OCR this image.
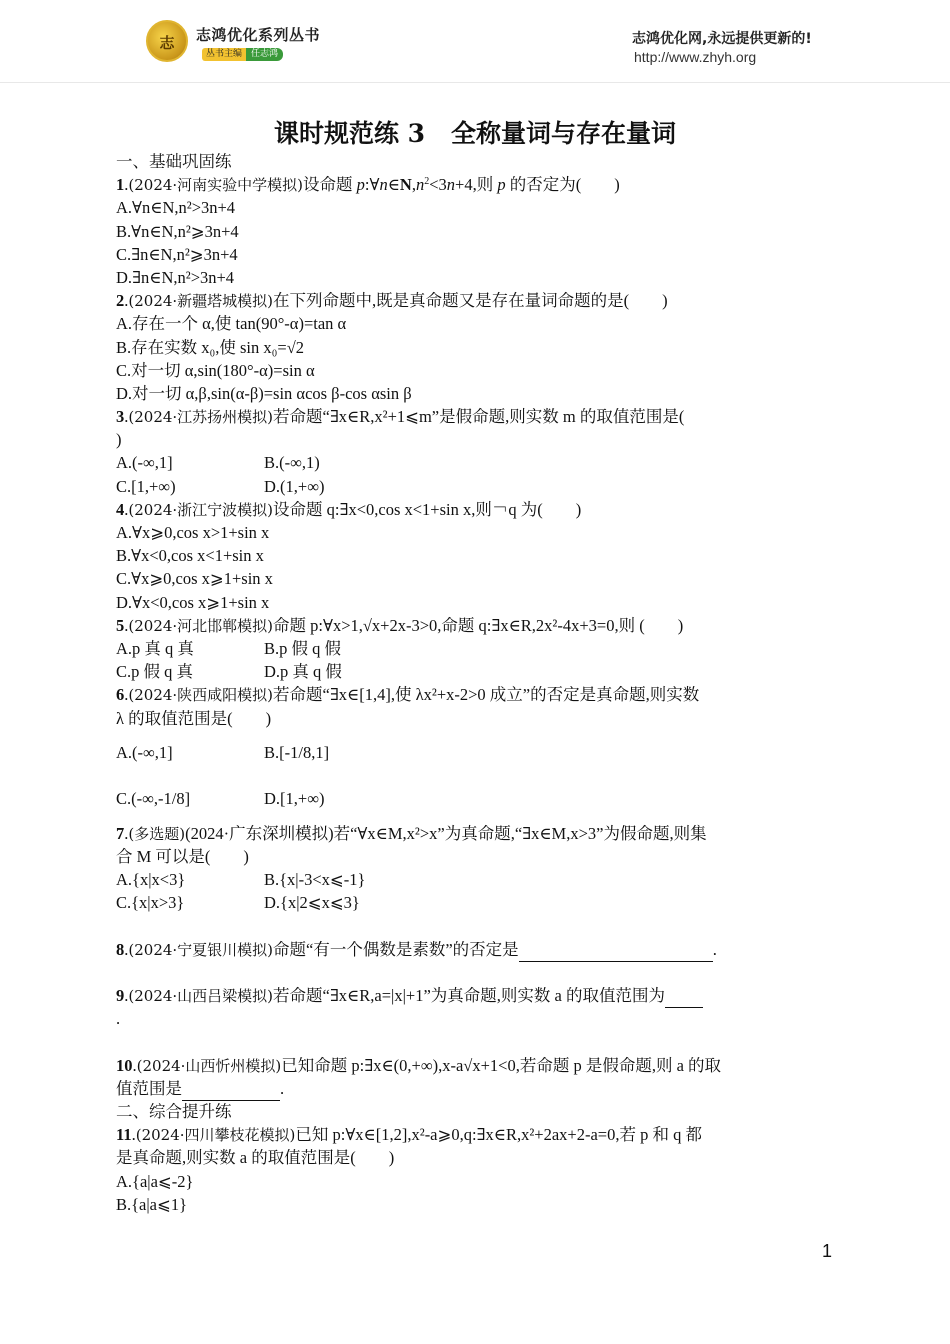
志	志鸿优化系列丛书
丛书主编 任志鸿
志鸿优化网,永远提供更新的!
http://www.zhyh.org
课时规范练 3 全称量词与存在量词
一、基础巩固练
1.(2024·河南实验中学模拟)设命题 $p:\forall n\in N,n^2<3n+4$,则 p 的否定为(　　)
A.∀n∈N,n²>3n+4
B.∀n∈N,n²⩾3n+4
C.∃n∈N,n²⩾3n+4
D.∃n∈N,n²>3n+4
2.(2024·新疆塔城模拟)在下列命题中,既是真命题又是存在量词命题的是(　　)
A.存在一个 α,使 tan(90°-α)=tan α
B.存在实数 x₀,使 sin x₀=√2
C.对一切 α,sin(180°-α)=sin α
D.对一切 α,β,sin(α-β)=sin αcos β-cos αsin β
3.(2024·江苏扬州模拟)若命题“∃x∈R,x²+1⩽m”是假命题,则实数 m 的取值范围是(
)
A.(-∞,1]	B.(-∞,1)
C.[1,+∞)	D.(1,+∞)
4.(2024·浙江宁波模拟)设命题 q:∃x<0,cos x<1+sin x,则￢q 为(　　)
A.∀x⩾0,cos x>1+sin x
B.∀x<0,cos x<1+sin x
C.∀x⩾0,cos x⩾1+sin x
D.∀x<0,cos x⩾1+sin x
5.(2024·河北邯郸模拟)命题 p:∀x>1,√x+2x-3>0,命题 q:∃x∈R,2x²-4x+3=0,则 (　　)
A.p 真 q 真	B.p 假 q 假
C.p 假 q 真	D.p 真 q 假
6.(2024·陕西咸阳模拟)若命题“∃x∈[1,4],使 λx²+x-2>0 成立”的否定是真命题,则实数
λ 的取值范围是(　　)
A.(-∞,1]	B.[-1/8,1]
C.(-∞,-1/8]	D.[1,+∞)
7.(多选题)(2024·广东深圳模拟)若“∀x∈M,x²>x”为真命题,“∃x∈M,x>3”为假命题,则集
合 M 可以是(　　)
A.{x|x<3}	B.{x|-3<x⩽-1}
C.{x|x>3}	D.{x|2⩽x⩽3}
8.(2024·宁夏银川模拟)命题“有一个偶数是素数”的否定是	.
9.(2024·山西吕梁模拟)若命题“∃x∈R,a=|x|+1”为真命题,则实数 a 的取值范围为
.
10.(2024·山西忻州模拟)已知命题 p:∃x∈(0,+∞),x-a√x+1<0,若命题 p 是假命题,则 a 的取
值范围是	.
二、综合提升练
11.(2024·四川攀枝花模拟)已知 p:∀x∈[1,2],x²-a⩾0,q:∃x∈R,x²+2ax+2-a=0,若 p 和 q 都
是真命题,则实数 a 的取值范围是(　　)
A.{a|a⩽-2}
B.{a|a⩽1}
1
